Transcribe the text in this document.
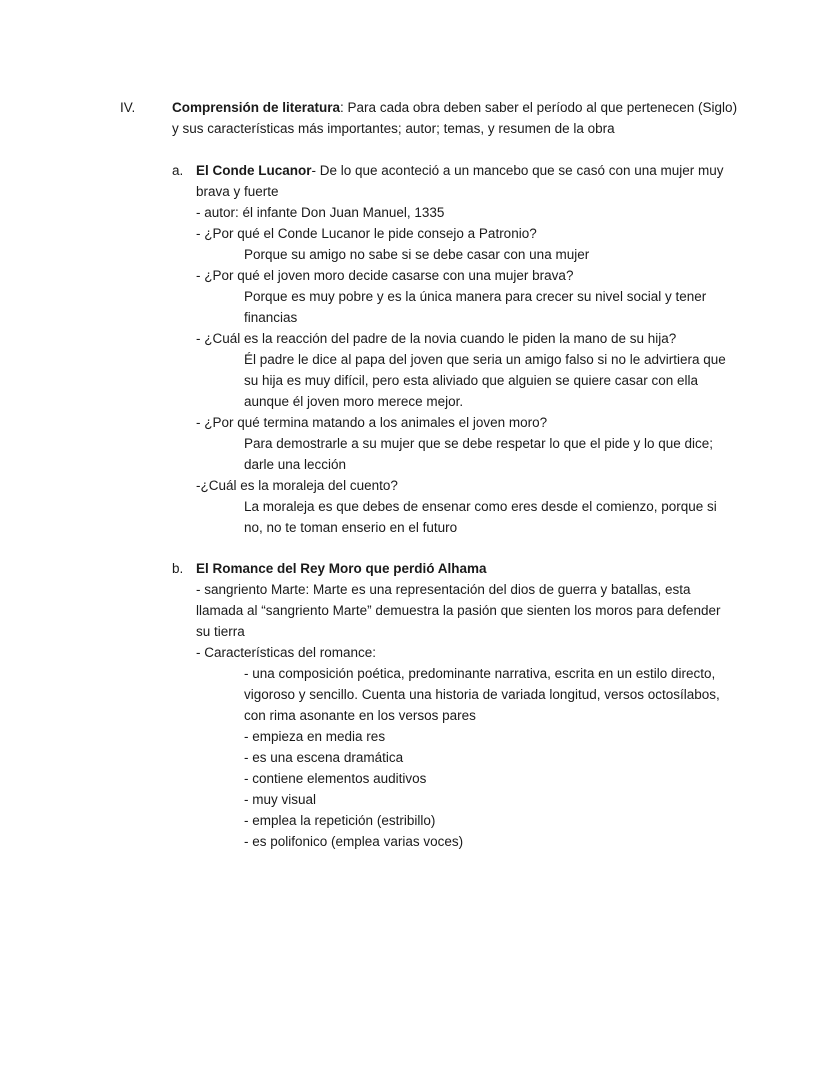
IV.	Comprensión de literatura: Para cada obra deben saber el período al que pertenecen (Siglo)
y sus características más importantes; autor; temas, y resumen de la obra
a. El Conde Lucanor- De lo que aconteció a un mancebo que se casó con una mujer muy
brava y fuerte
- autor: él infante Don Juan Manuel, 1335
- ¿Por qué el Conde Lucanor le pide consejo a Patronio?
Porque su amigo no sabe si se debe casar con una mujer
- ¿Por qué el joven moro decide casarse con una mujer brava?
Porque es muy pobre y es la única manera para crecer su nivel social y tener
financias
- ¿Cuál es la reacción del padre de la novia cuando le piden la mano de su hija?
Él padre le dice al papa del joven que seria un amigo falso si no le advirtiera que
su hija es muy difícil, pero esta aliviado que alguien se quiere casar con ella
aunque él joven moro merece mejor.
- ¿Por qué termina matando a los animales el joven moro?
Para demostrarle a su mujer que se debe respetar lo que el pide y lo que dice;
darle una lección
-¿Cuál es la moraleja del cuento?
La moraleja es que debes de ensenar como eres desde el comienzo, porque si
no, no te toman enserio en el futuro
b. El Romance del Rey Moro que perdió Alhama
- sangriento Marte: Marte es una representación del dios de guerra y batallas, esta
llamada al “sangriento Marte” demuestra la pasión que sienten los moros para defender
su tierra
- Características del romance:
- una composición poética, predominante narrativa, escrita en un estilo directo,
vigoroso y sencillo. Cuenta una historia de variada longitud, versos octosílabos,
con rima asonante en los versos pares
- empieza en media res
- es una escena dramática
- contiene elementos auditivos
- muy visual
- emplea la repetición (estribillo)
- es polifonico (emplea varias voces)
